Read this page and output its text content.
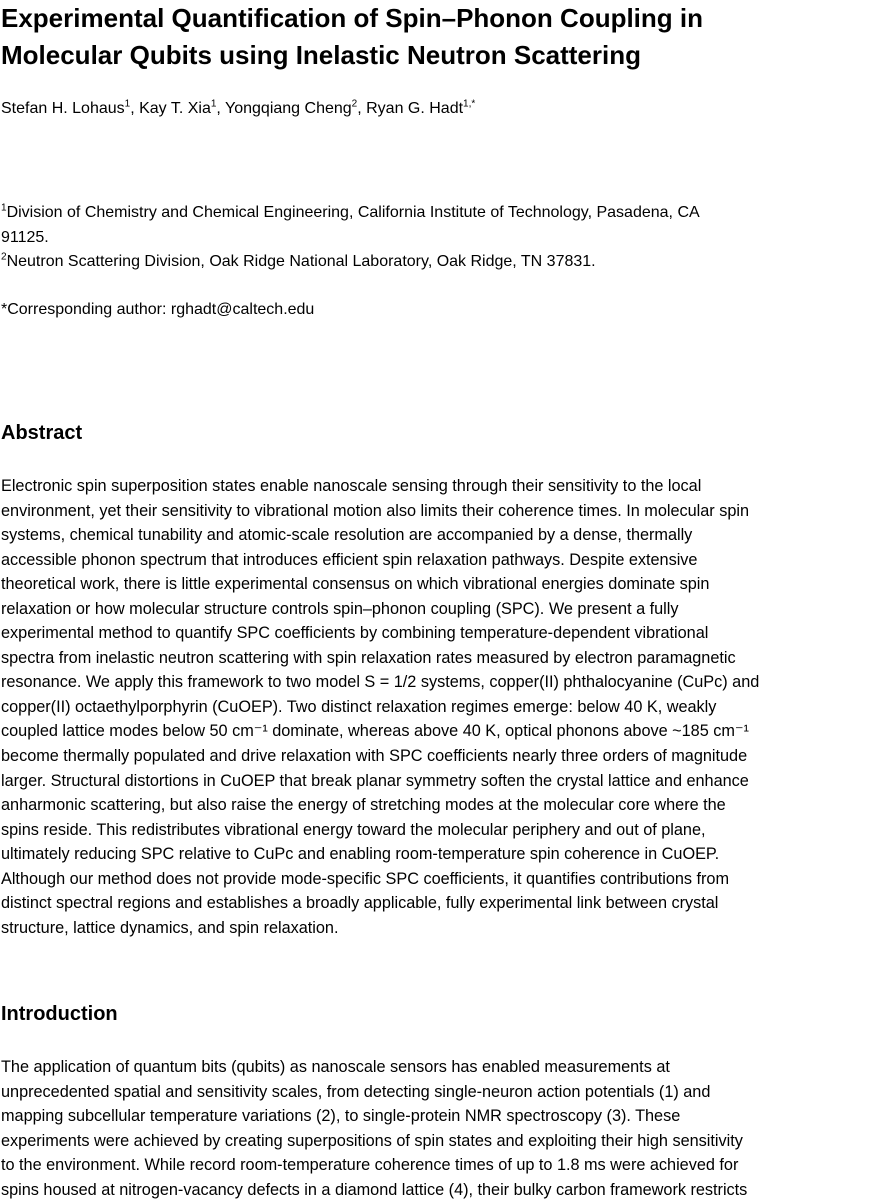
Experimental Quantification of Spin–Phonon Coupling in
Molecular Qubits using Inelastic Neutron Scattering
Stefan H. Lohaus$^1$, Kay T. Xia$^1$, Yongqiang Cheng$^2$, Ryan G. Hadt$^{1,*}$

$^1$Division of Chemistry and Chemical Engineering, California Institute of Technology, Pasadena, CA
91125.

$^2$Neutron Scattering Division, Oak Ridge National Laboratory, Oak Ridge, TN 37831.

*Corresponding author: rghadt@caltech.edu
Abstract
Electronic spin superposition states enable nanoscale sensing through their sensitivity to the local
environment, yet their sensitivity to vibrational motion also limits their coherence times. In molecular spin
systems, chemical tunability and atomic-scale resolution are accompanied by a dense, thermally
accessible phonon spectrum that introduces efficient spin relaxation pathways. Despite extensive
theoretical work, there is little experimental consensus on which vibrational energies dominate spin
relaxation or how molecular structure controls spin–phonon coupling (SPC). We present a fully
experimental method to quantify SPC coefficients by combining temperature-dependent vibrational
spectra from inelastic neutron scattering with spin relaxation rates measured by electron paramagnetic
resonance. We apply this framework to two model S = 1/2 systems, copper(II) phthalocyanine (CuPc) and
copper(II) octaethylporphyrin (CuOEP). Two distinct relaxation regimes emerge: below 40 K, weakly
coupled lattice modes below 50 cm⁻¹ dominate, whereas above 40 K, optical phonons above ~185 cm⁻¹
become thermally populated and drive relaxation with SPC coefficients nearly three orders of magnitude
larger. Structural distortions in CuOEP that break planar symmetry soften the crystal lattice and enhance
anharmonic scattering, but also raise the energy of stretching modes at the molecular core where the
spins reside. This redistributes vibrational energy toward the molecular periphery and out of plane,
ultimately reducing SPC relative to CuPc and enabling room-temperature spin coherence in CuOEP.
Although our method does not provide mode-specific SPC coefficients, it quantifies contributions from
distinct spectral regions and establishes a broadly applicable, fully experimental link between crystal
structure, lattice dynamics, and spin relaxation.
Introduction
The application of quantum bits (qubits) as nanoscale sensors has enabled measurements at
unprecedented spatial and sensitivity scales, from detecting single-neuron action potentials (1) and
mapping subcellular temperature variations (2), to single-protein NMR spectroscopy (3). These
experiments were achieved by creating superpositions of spin states and exploiting their high sensitivity
to the environment. While record room-temperature coherence times of up to 1.8 ms were achieved for
spins housed at nitrogen-vacancy defects in a diamond lattice (4), their bulky carbon framework restricts
